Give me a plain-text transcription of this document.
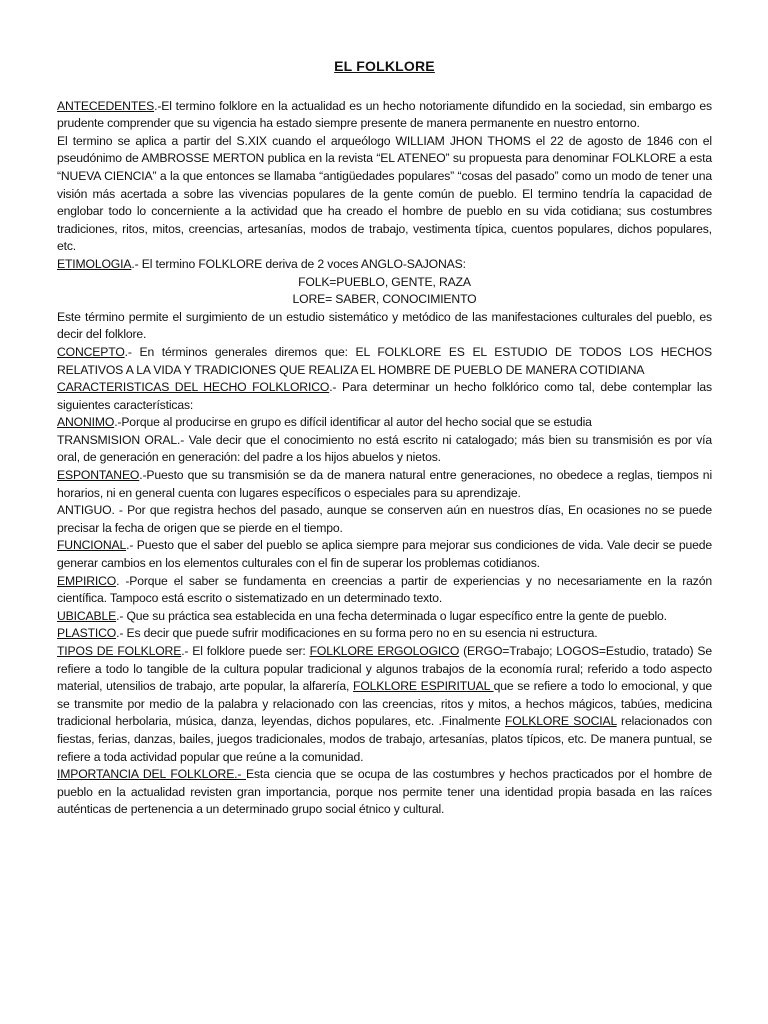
EL FOLKLORE

ANTECEDENTES.-El termino folklore en la actualidad es un hecho notoriamente difundido en la sociedad, sin embargo es prudente comprender que su vigencia ha estado siempre presente de manera permanente en nuestro entorno.

El termino se aplica a partir del S.XIX cuando el arqueólogo WILLIAM JHON THOMS el 22 de agosto de 1846 con el pseudónimo de AMBROSSE MERTON publica en la revista “EL ATENEO” su propuesta para denominar FOLKLORE a esta “NUEVA CIENCIA” a la que entonces se llamaba “antigüedades populares” “cosas del pasado” como un modo de tener una visión más acertada a sobre las vivencias populares de la gente común de pueblo. El termino tendría la capacidad de englobar todo lo concerniente a la actividad que ha creado el hombre de pueblo en su vida cotidiana; sus costumbres tradiciones, ritos, mitos, creencias, artesanías, modos de trabajo, vestimenta típica, cuentos populares, dichos populares, etc.

ETIMOLOGIA.- El termino FOLKLORE deriva de 2 voces ANGLO-SAJONAS:

FOLK=PUEBLO, GENTE, RAZA

LORE= SABER, CONOCIMIENTO

Este término permite el surgimiento de un estudio sistemático y metódico de las manifestaciones culturales del pueblo, es decir del folklore.

CONCEPTO.- En términos generales diremos que: EL FOLKLORE ES EL ESTUDIO DE TODOS LOS HECHOS RELATIVOS A LA VIDA Y TRADICIONES QUE REALIZA EL HOMBRE DE PUEBLO DE MANERA COTIDIANA

CARACTERISTICAS DEL HECHO FOLKLORICO.- Para determinar un hecho folklórico como tal, debe contemplar las siguientes características:

ANONIMO.-Porque al producirse en grupo es difícil identificar al autor del hecho social que se estudia

TRANSMISION ORAL.- Vale decir que el conocimiento no está escrito ni catalogado; más bien su transmisión es por vía oral, de generación en generación: del padre a los hijos abuelos y nietos.

ESPONTANEO.-Puesto que su transmisión se da de manera natural entre generaciones, no obedece a reglas, tiempos ni horarios, ni en general cuenta con lugares específicos o especiales para su aprendizaje.

ANTIGUO. - Por que registra hechos del pasado, aunque se conserven aún en nuestros días, En ocasiones no se puede precisar la fecha de origen que se pierde en el tiempo.

FUNCIONAL.- Puesto que el saber del pueblo se aplica siempre para mejorar sus condiciones de vida. Vale decir se puede generar cambios en los elementos culturales con el fin de superar los problemas cotidianos.

EMPIRICO. -Porque el saber se fundamenta en creencias a partir de experiencias y no necesariamente en la razón científica. Tampoco está escrito o sistematizado en un determinado texto.

UBICABLE.- Que su práctica sea establecida en una fecha determinada o lugar específico entre la gente de pueblo.

PLASTICO.- Es decir que puede sufrir modificaciones en su forma pero no en su esencia ni estructura.

TIPOS DE FOLKLORE.- El folklore puede ser: FOLKLORE ERGOLOGICO (ERGO=Trabajo; LOGOS=Estudio, tratado) Se refiere a todo lo tangible de la cultura popular tradicional y algunos trabajos de la economía rural; referido a todo aspecto material, utensilios de trabajo, arte popular, la alfarería, FOLKLORE ESPIRITUAL que se refiere a todo lo emocional, y que se transmite por medio de la palabra y relacionado con las creencias, ritos y mitos, a hechos mágicos, tabúes, medicina tradicional herbolaria, música, danza, leyendas, dichos populares, etc. .Finalmente FOLKLORE SOCIAL relacionados con fiestas, ferias, danzas, bailes, juegos tradicionales, modos de trabajo, artesanías, platos típicos, etc. De manera puntual, se refiere a toda actividad popular que reúne a la comunidad.

IMPORTANCIA DEL FOLKLORE.- Esta ciencia que se ocupa de las costumbres y hechos practicados por el hombre de pueblo en la actualidad revisten gran importancia, porque nos permite tener una identidad propia basada en las raíces auténticas de pertenencia a un determinado grupo social étnico y cultural.
